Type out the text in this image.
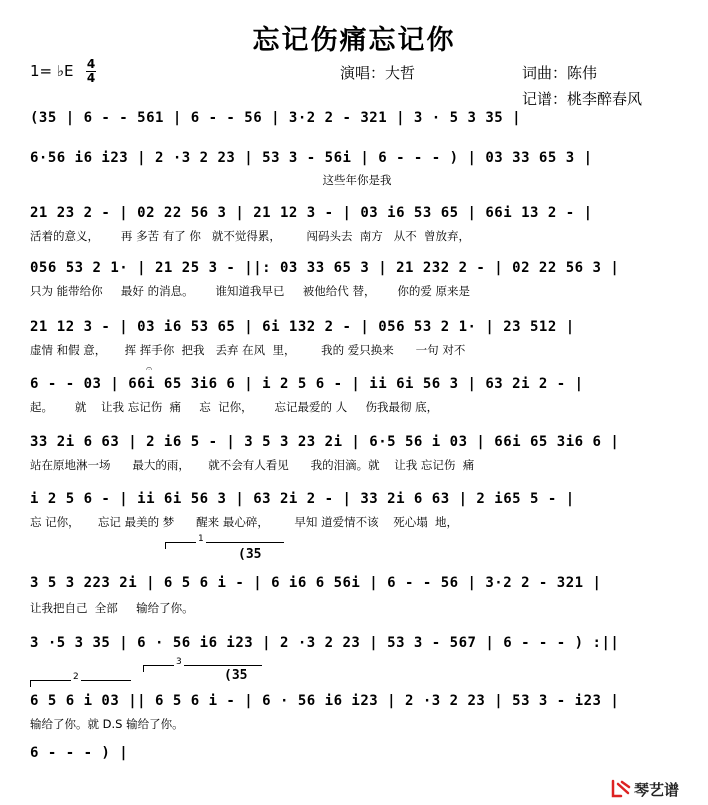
忘记伤痛忘记你
1= ♭E 4
4	演唱：大哲	词曲：陈伟
记谱：桃李醉春风
(35 | 6 - - 561 | 6 - - 56 | 3·2 2 - 321 | 3 · 5 3 35 |
6·56 i6 i23 | 2 ·3 2 23 | 53 3 - 56i | 6 - - - ) | 03 33 65 3 |
这些年你是我
21 23 2 - | 02 22 56 3 | 21 12 3 - | 03 i6 53 65 | 66i 13 2 - |
活着的意义，      再 多苦 有了 你   就不觉得累，       闯码头去  南方   从不  曾放弃，
056 53 2 1· | 21 25 3 - ||: 03 33 65 3 | 21 232 2 - | 02 22 56 3 |
只为 能带给你     最好 的消息。      谁知道我早已     被他给代 替，      你的爱 原来是
21 12 3 - | 03 i6 53 65 | 6i 132 2 - | 056 53 2 1· | 23 512 |
虚情 和假 意，     挥 挥手你  把我   丢弃 在风  里，       我的 爱只换来      一句 对不
6 - - 03 | 66i 65 3i6 6 | i 2 5 6 - | ii 6i 56 3 | 63 2i 2 - |
起。      就    让我 忘记伤  痛     忘  记你，      忘记最爱的 人     伤我最彻 底，
𝄐
33 2i 6 63 | 2 i6 5 - | 3 5 3 23 2i | 6·5 56 i 03 | 66i 65 3i6 6 |
站在原地淋一场      最大的雨，     就不会有人看见      我的泪滴。就    让我 忘记伤  痛
i 2 5 6 - | ii 6i 56 3 | 63 2i 2 - | 33 2i 6 63 | 2 i65 5 - |
忘 记你，     忘记 最美的 梦      醒来 最心碎，       早知 道爱情不该    死心塌  地，
1
(35
3 5 3 223 2i | 6 5 6 i - | 6 i6 6 56i | 6 - - 56 | 3·2 2 - 321 |
让我把自己  全部     输给了你。
3 ·5 3 35 | 6 · 56 i6 i23 | 2 ·3 2 23 | 53 3 - 567 | 6 - - - ) :||
2
3
(35
6 5 6 i 03 || 6 5 6 i - | 6 · 56 i6 i23 | 2 ·3 2 23 | 53 3 - i23 |
输给了你。就 D.S 输给了你。
6 - - - ) |
琴艺谱
